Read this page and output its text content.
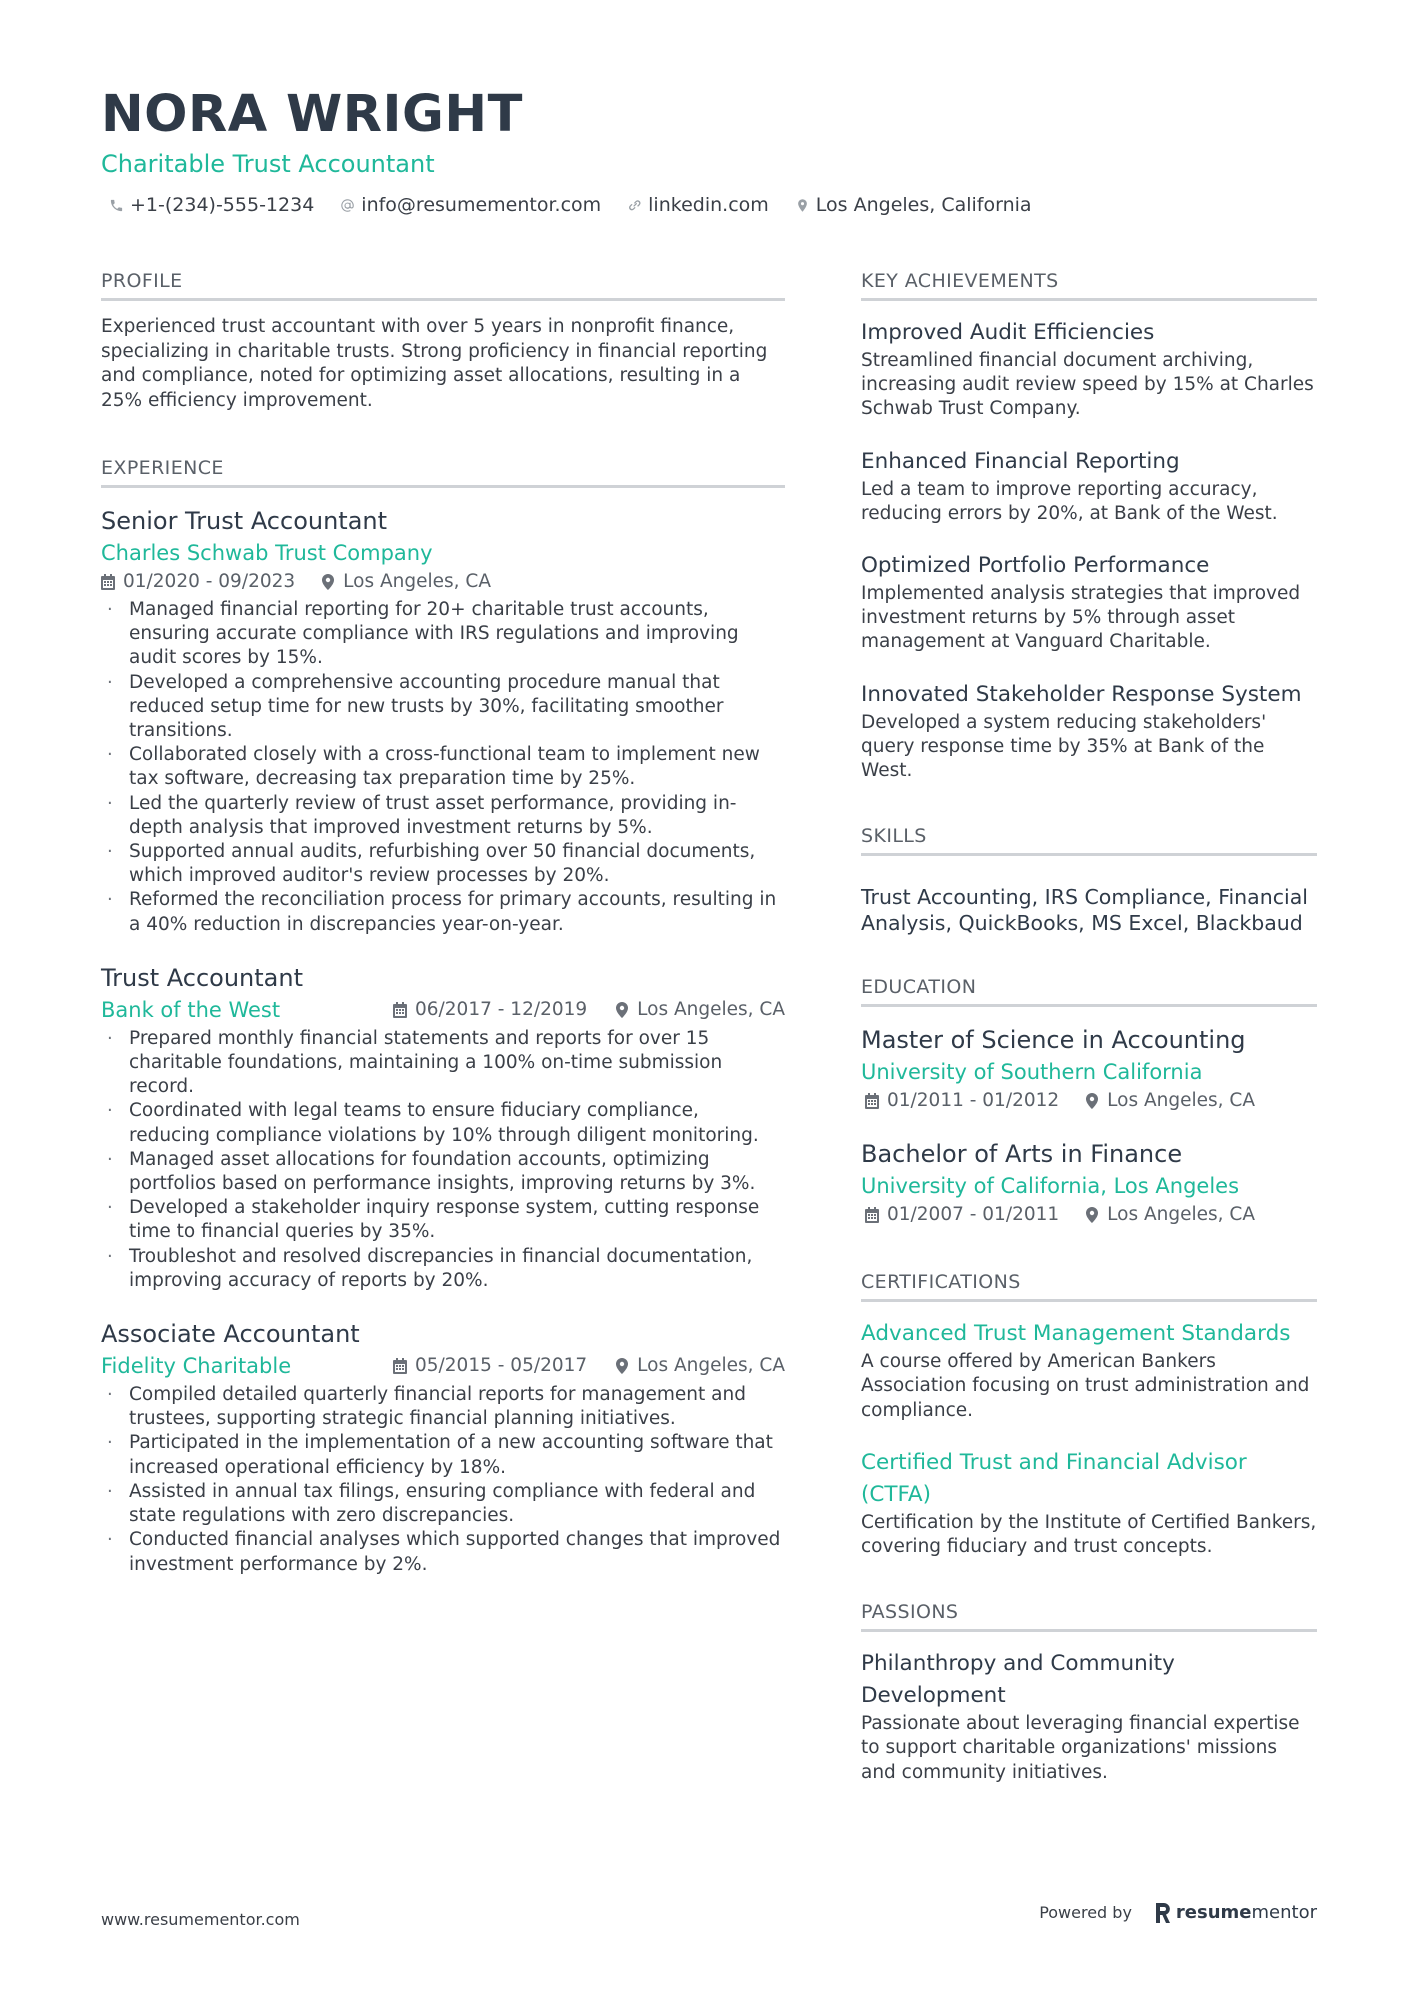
NORA WRIGHT
Charitable Trust Accountant
+1-(234)-555-1234 info@resumementor.com linkedin.com Los Angeles, California
PROFILE
Experienced trust accountant with over 5 years in nonprofit finance, specializing in charitable trusts. Strong proficiency in financial reporting and compliance, noted for optimizing asset allocations, resulting in a 25% efficiency improvement.
EXPERIENCE
Senior Trust Accountant
Charles Schwab Trust Company
01/2020 - 09/2023	Los Angeles, CA
· Managed financial reporting for 20+ charitable trust accounts, ensuring accurate compliance with IRS regulations and improving audit scores by 15%.
· Developed a comprehensive accounting procedure manual that reduced setup time for new trusts by 30%, facilitating smoother transitions.
· Collaborated closely with a cross-functional team to implement new tax software, decreasing tax preparation time by 25%.
· Led the quarterly review of trust asset performance, providing in-depth analysis that improved investment returns by 5%.
· Supported annual audits, refurbishing over 50 financial documents, which improved auditor's review processes by 20%.
· Reformed the reconciliation process for primary accounts, resulting in a 40% reduction in discrepancies year-on-year.
Trust Accountant
Bank of the West	06/2017 - 12/2019	Los Angeles, CA
· Prepared monthly financial statements and reports for over 15 charitable foundations, maintaining a 100% on-time submission record.
· Coordinated with legal teams to ensure fiduciary compliance, reducing compliance violations by 10% through diligent monitoring.
· Managed asset allocations for foundation accounts, optimizing portfolios based on performance insights, improving returns by 3%.
· Developed a stakeholder inquiry response system, cutting response time to financial queries by 35%.
· Troubleshot and resolved discrepancies in financial documentation, improving accuracy of reports by 20%.
Associate Accountant
Fidelity Charitable	05/2015 - 05/2017	Los Angeles, CA
· Compiled detailed quarterly financial reports for management and trustees, supporting strategic financial planning initiatives.
· Participated in the implementation of a new accounting software that increased operational efficiency by 18%.
· Assisted in annual tax filings, ensuring compliance with federal and state regulations with zero discrepancies.
· Conducted financial analyses which supported changes that improved investment performance by 2%.
KEY ACHIEVEMENTS
Improved Audit Efficiencies
Streamlined financial document archiving, increasing audit review speed by 15% at Charles Schwab Trust Company.
Enhanced Financial Reporting
Led a team to improve reporting accuracy, reducing errors by 20%, at Bank of the West.
Optimized Portfolio Performance
Implemented analysis strategies that improved investment returns by 5% through asset management at Vanguard Charitable.
Innovated Stakeholder Response System
Developed a system reducing stakeholders' query response time by 35% at Bank of the West.
SKILLS
Trust Accounting, IRS Compliance, Financial Analysis, QuickBooks, MS Excel, Blackbaud
EDUCATION
Master of Science in Accounting
University of Southern California
01/2011 - 01/2012	Los Angeles, CA
Bachelor of Arts in Finance
University of California, Los Angeles
01/2007 - 01/2011	Los Angeles, CA
CERTIFICATIONS
Advanced Trust Management Standards
A course offered by American Bankers Association focusing on trust administration and compliance.
Certified Trust and Financial Advisor (CTFA)
Certification by the Institute of Certified Bankers, covering fiduciary and trust concepts.
PASSIONS
Philanthropy and Community Development
Passionate about leveraging financial expertise to support charitable organizations' missions and community initiatives.
www.resumementor.com	Powered by resume mentor
